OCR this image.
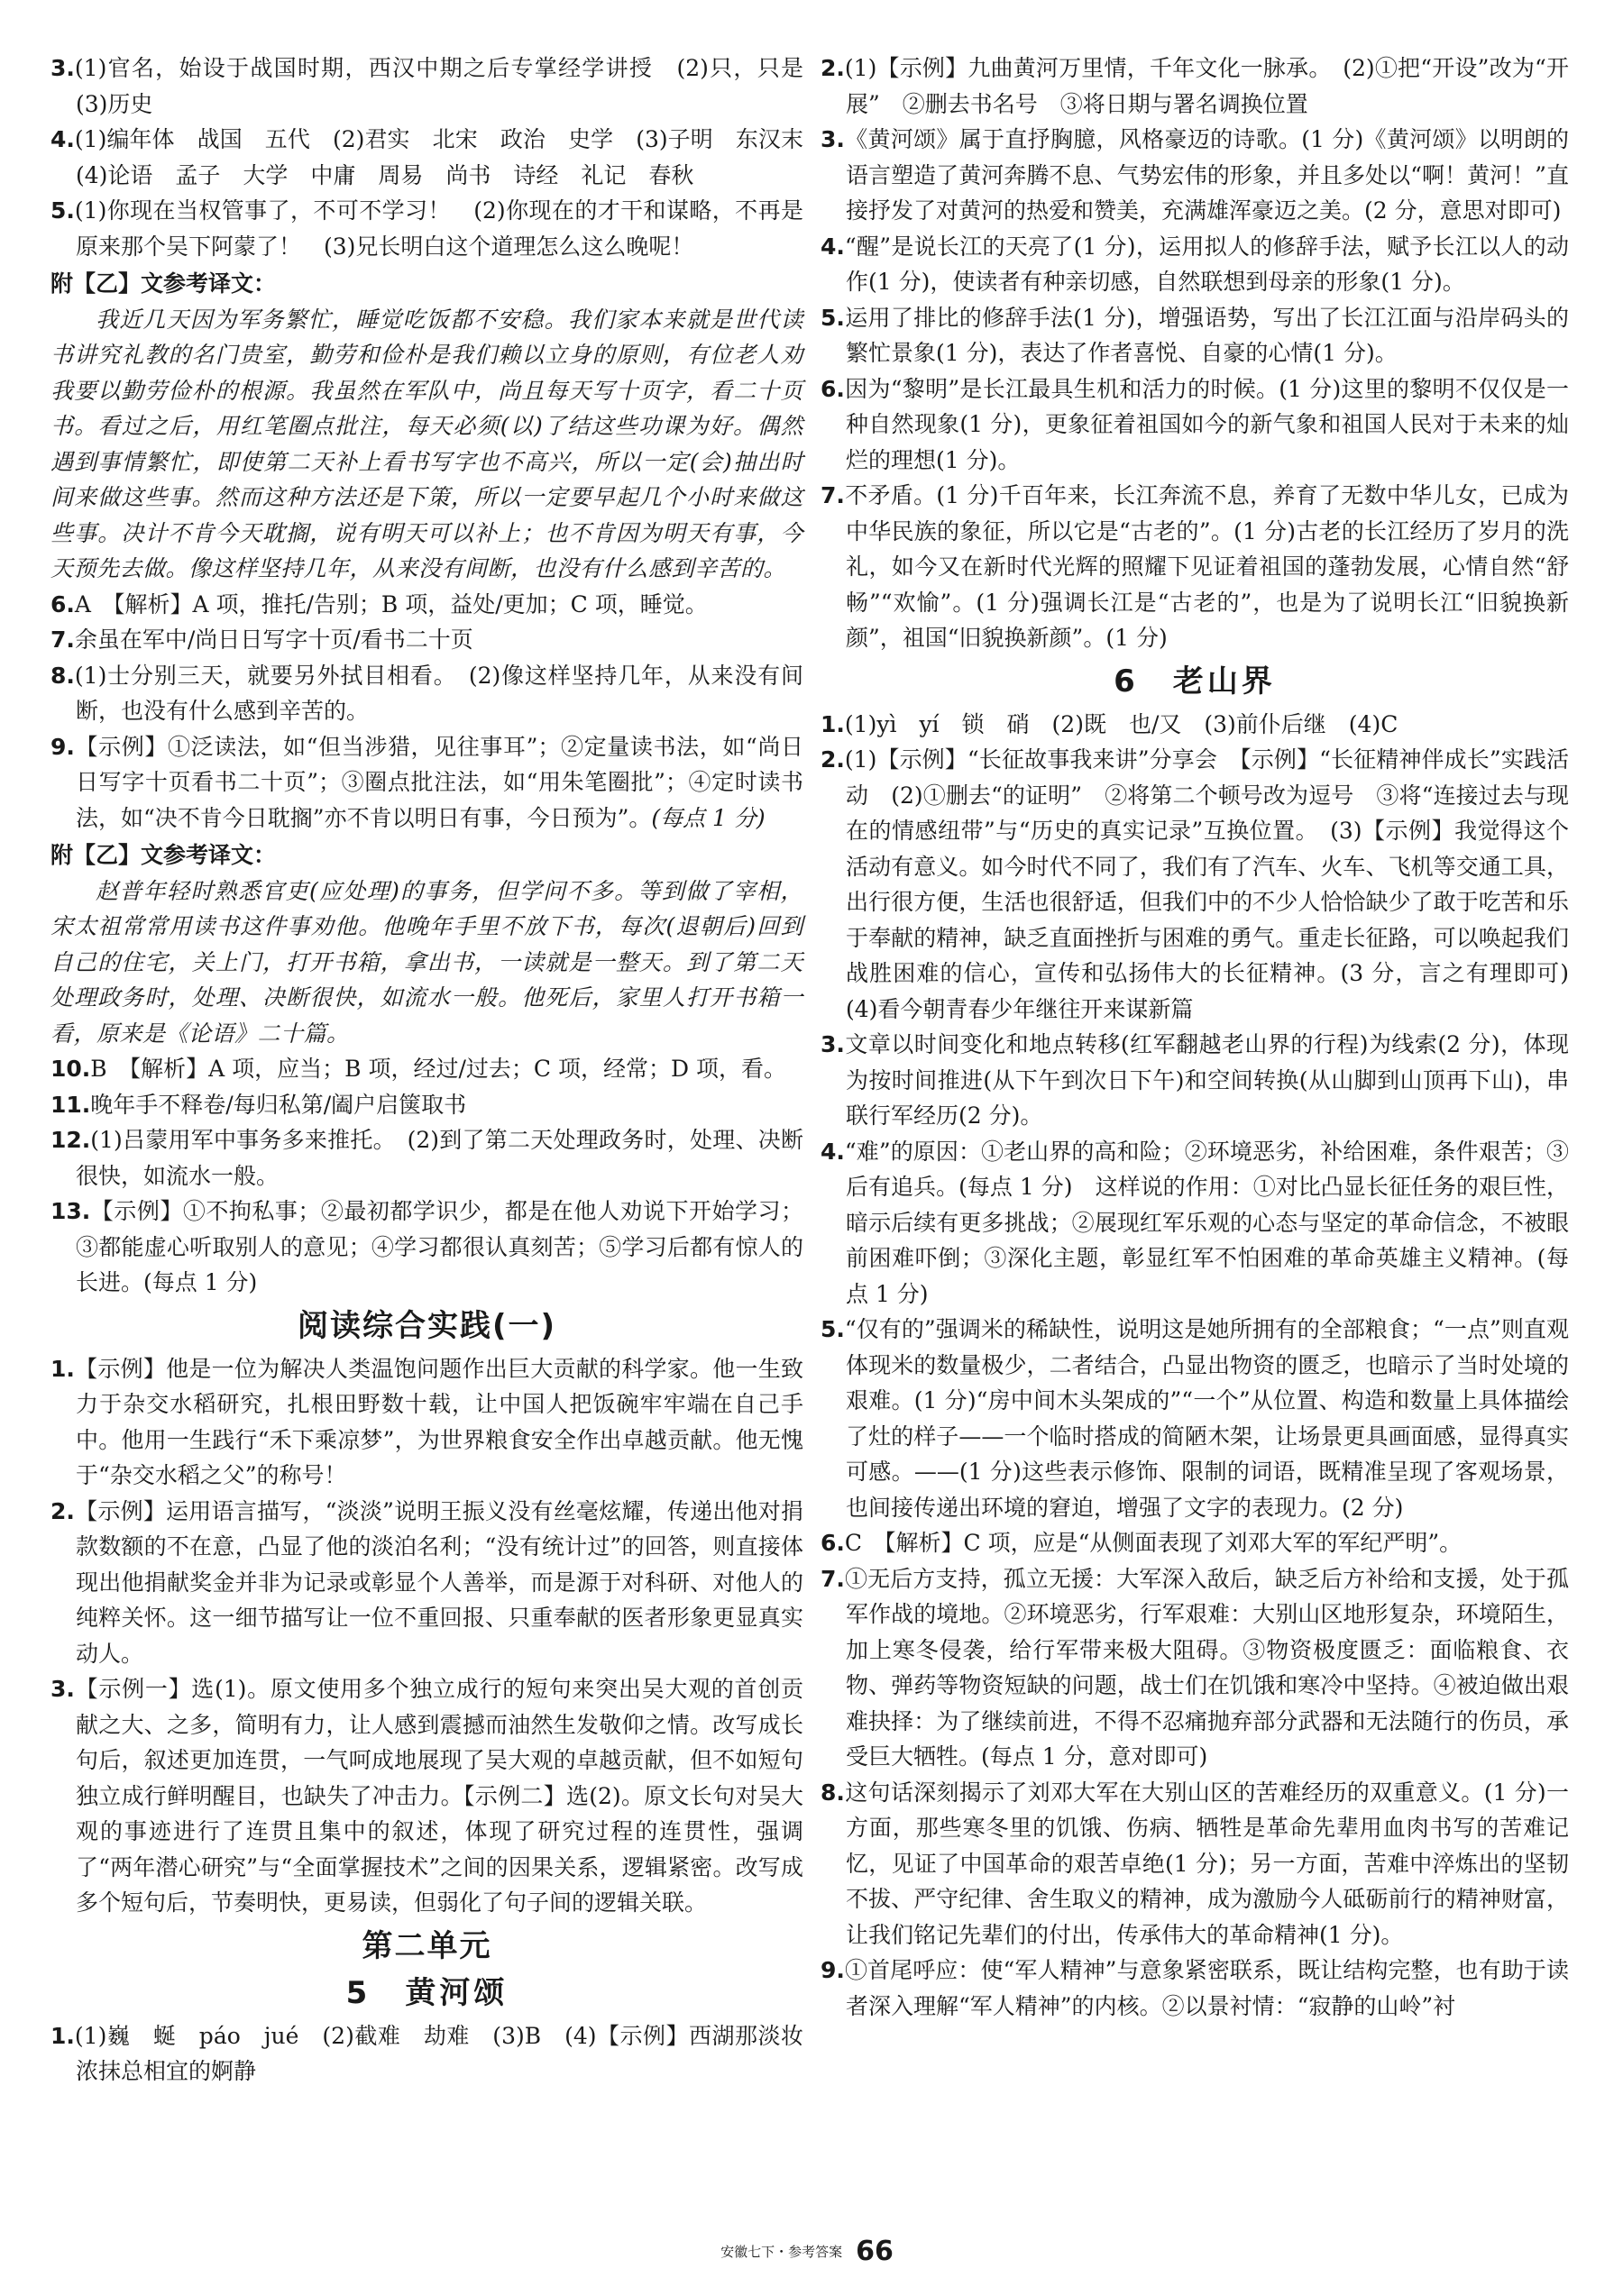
3.(1)官名，始设于战国时期，西汉中期之后专掌经学讲授　(2)只，只是　(3)历史

4.(1)编年体　战国　五代　(2)君实　北宋　政治　史学　(3)子明　东汉末　(4)论语　孟子　大学　中庸　周易　尚书　诗经　礼记　春秋

5.(1)你现在当权管事了，不可不学习！　(2)你现在的才干和谋略，不再是原来那个吴下阿蒙了！　(3)兄长明白这个道理怎么这么晚呢！

附【乙】文参考译文：

我近几天因为军务繁忙，睡觉吃饭都不安稳。我们家本来就是世代读书讲究礼教的名门贵室，勤劳和俭朴是我们赖以立身的原则，有位老人劝我要以勤劳俭朴的根源。我虽然在军队中，尚且每天写十页字，看二十页书。看过之后，用红笔圈点批注，每天必须(以)了结这些功课为好。偶然遇到事情繁忙，即使第二天补上看书写字也不高兴，所以一定(会)抽出时间来做这些事。然而这种方法还是下策，所以一定要早起几个小时来做这些事。决计不肯今天耽搁，说有明天可以补上；也不肯因为明天有事，今天预先去做。像这样坚持几年，从来没有间断，也没有什么感到辛苦的。

6.A　【解析】A 项，推托/告别；B 项，益处/更加；C 项，睡觉。

7.余虽在军中/尚日日写字十页/看书二十页

8.(1)士分别三天，就要另外拭目相看。　(2)像这样坚持几年，从来没有间断，也没有什么感到辛苦的。

9.【示例】①泛读法，如“但当涉猎，见往事耳”；②定量读书法，如“尚日日写字十页看书二十页”；③圈点批注法，如“用朱笔圈批”；④定时读书法，如“决不肯今日耽搁”亦不肯以明日有事，今日预为”。(每点 1 分)

附【乙】文参考译文：

赵普年轻时熟悉官吏(应处理)的事务，但学问不多。等到做了宰相，宋太祖常常用读书这件事劝他。他晚年手里不放下书，每次(退朝后)回到自己的住宅，关上门，打开书箱，拿出书，一读就是一整天。到了第二天处理政务时，处理、决断很快，如流水一般。他死后，家里人打开书箱一看，原来是《论语》二十篇。

10.B　【解析】A 项，应当；B 项，经过/过去；C 项，经常；D 项，看。

11.晚年手不释卷/每归私第/阖户启箧取书

12.(1)吕蒙用军中事务多来推托。　(2)到了第二天处理政务时，处理、决断很快，如流水一般。

13.【示例】①不拘私事；②最初都学识少，都是在他人劝说下开始学习；③都能虚心听取别人的意见；④学习都很认真刻苦；⑤学习后都有惊人的长进。(每点 1 分)

阅读综合实践(一)

1.【示例】他是一位为解决人类温饱问题作出巨大贡献的科学家。他一生致力于杂交水稻研究，扎根田野数十载，让中国人把饭碗牢牢端在自己手中。他用一生践行“禾下乘凉梦”，为世界粮食安全作出卓越贡献。他无愧于“杂交水稻之父”的称号！

2.【示例】运用语言描写，“淡淡”说明王振义没有丝毫炫耀，传递出他对捐款数额的不在意，凸显了他的淡泊名利；“没有统计过”的回答，则直接体现出他捐献奖金并非为记录或彰显个人善举，而是源于对科研、对他人的纯粹关怀。这一细节描写让一位不重回报、只重奉献的医者形象更显真实动人。

3.【示例一】选(1)。原文使用多个独立成行的短句来突出吴大观的首创贡献之大、之多，简明有力，让人感到震撼而油然生发敬仰之情。改写成长句后，叙述更加连贯，一气呵成地展现了吴大观的卓越贡献，但不如短句独立成行鲜明醒目，也缺失了冲击力。【示例二】选(2)。原文长句对吴大观的事迹进行了连贯且集中的叙述，体现了研究过程的连贯性，强调了“两年潜心研究”与“全面掌握技术”之间的因果关系，逻辑紧密。改写成多个短句后，节奏明快，更易读，但弱化了句子间的逻辑关联。

第二单元
5　黄河颂

1.(1)巍　蜒　páo　jué　(2)截难　劫难　(3)B　(4)【示例】西湖那淡妆浓抹总相宜的婀静

2.(1)【示例】九曲黄河万里情，千年文化一脉承。　(2)①把“开设”改为“开展”　②删去书名号　③将日期与署名调换位置

3.《黄河颂》属于直抒胸臆，风格豪迈的诗歌。(1 分)《黄河颂》以明朗的语言塑造了黄河奔腾不息、气势宏伟的形象，并且多处以“啊！黄河！”直接抒发了对黄河的热爱和赞美，充满雄浑豪迈之美。(2 分，意思对即可)

4.“醒”是说长江的天亮了(1 分)，运用拟人的修辞手法，赋予长江以人的动作(1 分)，使读者有种亲切感，自然联想到母亲的形象(1 分)。

5.运用了排比的修辞手法(1 分)，增强语势，写出了长江江面与沿岸码头的繁忙景象(1 分)，表达了作者喜悦、自豪的心情(1 分)。

6.因为“黎明”是长江最具生机和活力的时候。(1 分)这里的黎明不仅仅是一种自然现象(1 分)，更象征着祖国如今的新气象和祖国人民对于未来的灿烂的理想(1 分)。

7.不矛盾。(1 分)千百年来，长江奔流不息，养育了无数中华儿女，已成为中华民族的象征，所以它是“古老的”。(1 分)古老的长江经历了岁月的洗礼，如今又在新时代光辉的照耀下见证着祖国的蓬勃发展，心情自然“舒畅”“欢愉”。(1 分)强调长江是“古老的”，也是为了说明长江“旧貌换新颜”，祖国“旧貌换新颜”。(1 分)

6　老山界

1.(1)yì　yí　锁　硝　(2)既　也/又　(3)前仆后继　(4)C

2.(1)【示例】“长征故事我来讲”分享会　【示例】“长征精神伴成长”实践活动　(2)①删去“的证明”　②将第二个顿号改为逗号　③将“连接过去与现在的情感纽带”与“历史的真实记录”互换位置。　(3)【示例】我觉得这个活动有意义。如今时代不同了，我们有了汽车、火车、飞机等交通工具，出行很方便，生活也很舒适，但我们中的不少人恰恰缺少了敢于吃苦和乐于奉献的精神，缺乏直面挫折与困难的勇气。重走长征路，可以唤起我们战胜困难的信心，宣传和弘扬伟大的长征精神。(3 分，言之有理即可)　(4)看今朝青春少年继往开来谋新篇

3.文章以时间变化和地点转移(红军翻越老山界的行程)为线索(2 分)，体现为按时间推进(从下午到次日下午)和空间转换(从山脚到山顶再下山)，串联行军经历(2 分)。

4.“难”的原因：①老山界的高和险；②环境恶劣，补给困难，条件艰苦；③后有追兵。(每点 1 分)　这样说的作用：①对比凸显长征任务的艰巨性，暗示后续有更多挑战；②展现红军乐观的心态与坚定的革命信念，不被眼前困难吓倒；③深化主题，彰显红军不怕困难的革命英雄主义精神。(每点 1 分)

5.“仅有的”强调米的稀缺性，说明这是她所拥有的全部粮食；“一点”则直观体现米的数量极少，二者结合，凸显出物资的匮乏，也暗示了当时处境的艰难。(1 分)“房中间木头架成的”“一个”从位置、构造和数量上具体描绘了灶的样子——一个临时搭成的简陋木架，让场景更具画面感，显得真实可感。——(1 分)这些表示修饰、限制的词语，既精准呈现了客观场景，也间接传递出环境的窘迫，增强了文字的表现力。(2 分)

6.C　【解析】C 项，应是“从侧面表现了刘邓大军的军纪严明”。

7.①无后方支持，孤立无援：大军深入敌后，缺乏后方补给和支援，处于孤军作战的境地。②环境恶劣，行军艰难：大别山区地形复杂，环境陌生，加上寒冬侵袭，给行军带来极大阻碍。③物资极度匮乏：面临粮食、衣物、弹药等物资短缺的问题，战士们在饥饿和寒冷中坚持。④被迫做出艰难抉择：为了继续前进，不得不忍痛抛弃部分武器和无法随行的伤员，承受巨大牺牲。(每点 1 分，意对即可)

8.这句话深刻揭示了刘邓大军在大别山区的苦难经历的双重意义。(1 分)一方面，那些寒冬里的饥饿、伤病、牺牲是革命先辈用血肉书写的苦难记忆，见证了中国革命的艰苦卓绝(1 分)；另一方面，苦难中淬炼出的坚韧不拔、严守纪律、舍生取义的精神，成为激励今人砥砺前行的精神财富，让我们铭记先辈们的付出，传承伟大的革命精神(1 分)。

9.①首尾呼应：使“军人精神”与意象紧密联系，既让结构完整，也有助于读者深入理解“军人精神”的内核。②以景衬情：“寂静的山岭”衬

安徽七下・参考答案 66
